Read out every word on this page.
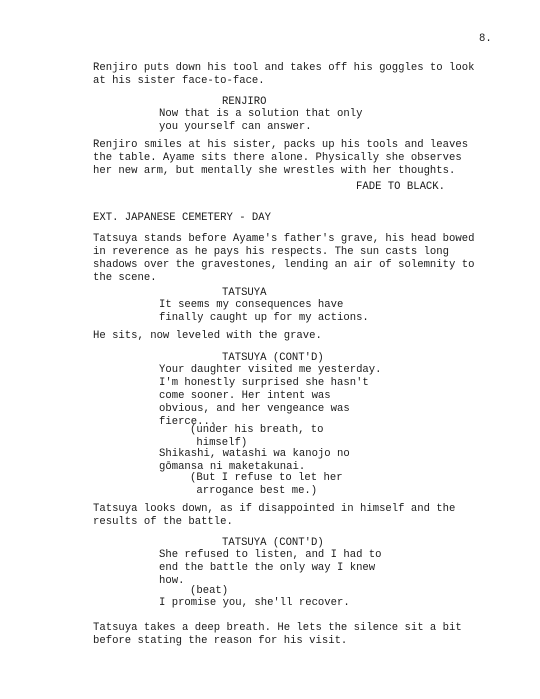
8.
Renjiro puts down his tool and takes off his goggles to look
at his sister face-to-face.
RENJIRO
Now that is a solution that only
you yourself can answer.
Renjiro smiles at his sister, packs up his tools and leaves
the table. Ayame sits there alone. Physically she observes
her new arm, but mentally she wrestles with her thoughts.
FADE TO BLACK.
EXT. JAPANESE CEMETERY - DAY
Tatsuya stands before Ayame's father's grave, his head bowed
in reverence as he pays his respects. The sun casts long
shadows over the gravestones, lending an air of solemnity to
the scene.
TATSUYA
It seems my consequences have
finally caught up for my actions.
He sits, now leveled with the grave.
TATSUYA (CONT'D)
Your daughter visited me yesterday.
I'm honestly surprised she hasn't
come sooner. Her intent was
obvious, and her vengeance was
fierce...
(under his breath, to
himself)
Shikashi, watashi wa kanojo no
gōmansa ni maketakunai.
(But I refuse to let her
arrogance best me.)
Tatsuya looks down, as if disappointed in himself and the
results of the battle.
TATSUYA (CONT'D)
She refused to listen, and I had to
end the battle the only way I knew
how.
(beat)
I promise you, she'll recover.
Tatsuya takes a deep breath. He lets the silence sit a bit
before stating the reason for his visit.
